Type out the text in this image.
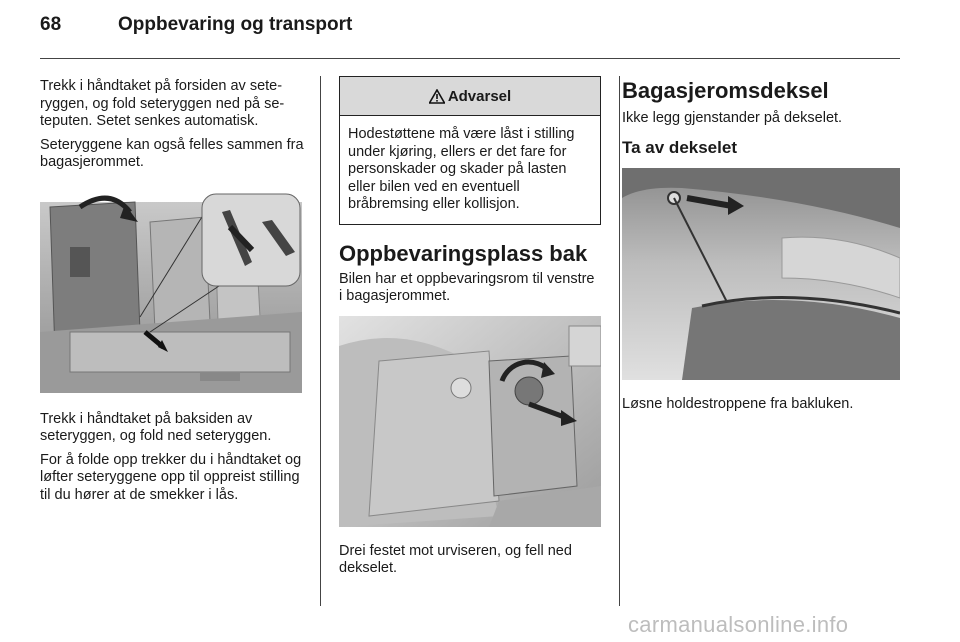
68	Oppbevaring og transport

Trekk i håndtaket på forsiden av seteryggen, og fold seteryggen ned på seteputen. Setet senkes automatisk.

Seteryggene kan også felles sammen fra bagasjerommet.

Trekk i håndtaket på baksiden av seteryggen, og fold ned seteryggen.

For å folde opp trekker du i håndtaket og løfter seteryggene opp til oppreist stilling til du hører at de smekker i lås.

Advarsel
Hodestøttene må være låst i stilling under kjøring, ellers er det fare for personskader og skader på lasten eller bilen ved en eventuell bråbremsing eller kollisjon.
Oppbevaringsplass bak

Bilen har et oppbevaringsrom til venstre i bagasjerommet.

Drei festet mot urviseren, og fell ned dekselet.

Bagasjeromsdeksel

Ikke legg gjenstander på dekselet.

Ta av dekselet

Løsne holdestroppene fra bakluken.

carmanualsonline.info
